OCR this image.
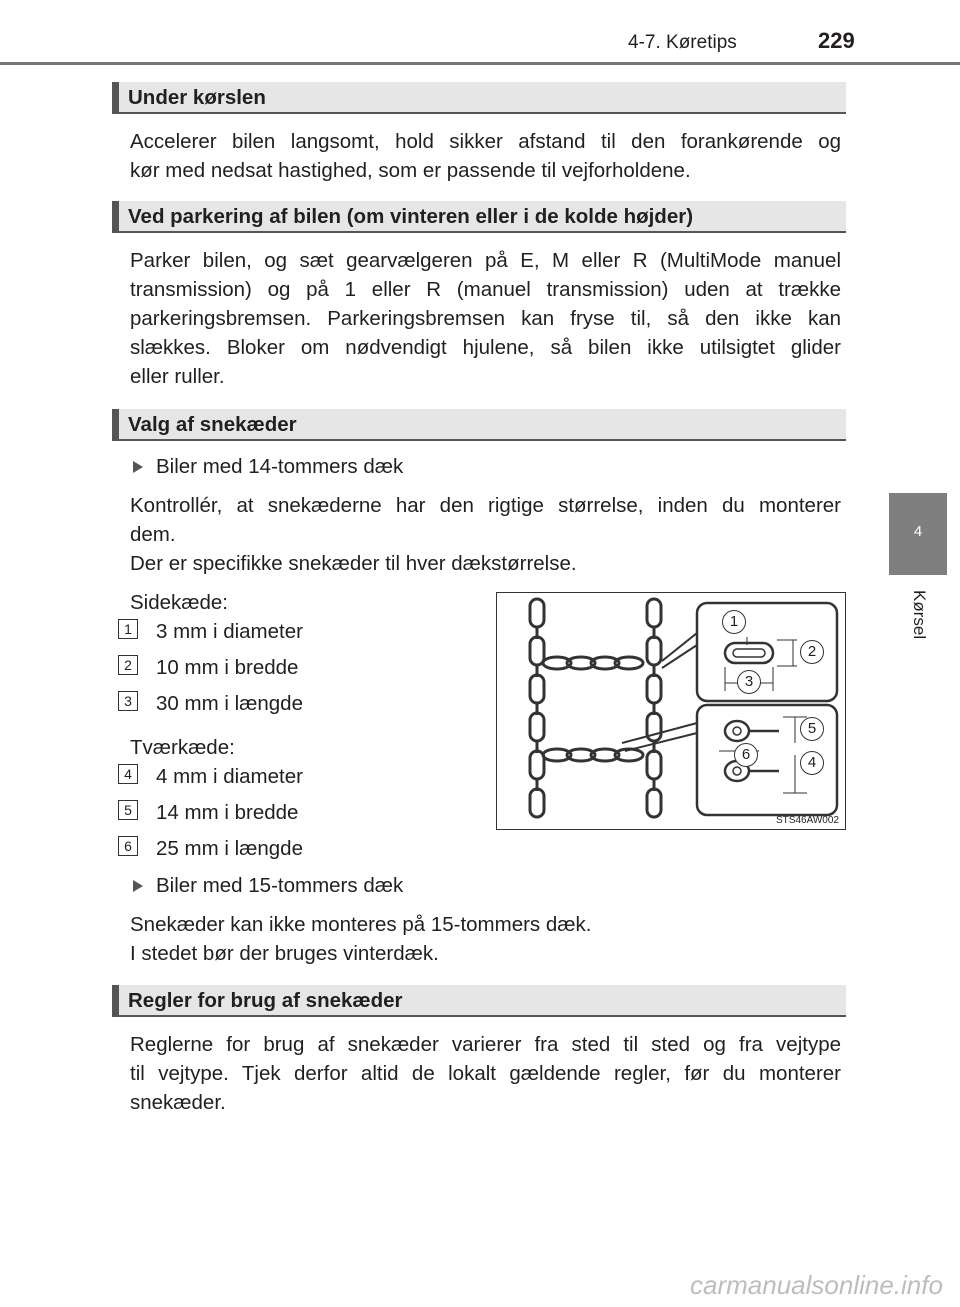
4-7. Køretips	229
4
Kørsel
Under kørslen
Accelerer bilen langsomt, hold sikker afstand til den forankørende og
kør med nedsat hastighed, som er passende til vejforholdene.
Ved parkering af bilen (om vinteren eller i de kolde højder)
Parker bilen, og sæt gearvælgeren på E, M eller R (MultiMode manuel
transmission) og på 1 eller R (manuel transmission) uden at trække
parkeringsbremsen. Parkeringsbremsen kan fryse til, så den ikke kan
slækkes. Bloker om nødvendigt hjulene, så bilen ikke utilsigtet glider
eller ruller.
Valg af snekæder
Biler med 14-tommers dæk
Kontrollér, at snekæderne har den rigtige størrelse, inden du monterer
dem.
Der er specifikke snekæder til hver dækstørrelse.
Sidekæde:
1 3 mm i diameter
2 10 mm i bredde
3 30 mm i længde
Tværkæde:
4 4 mm i diameter
5 14 mm i bredde
6 25 mm i længde
1
2
3
4
5
6
STS46AW002
Biler med 15-tommers dæk
Snekæder kan ikke monteres på 15-tommers dæk.
I stedet bør der bruges vinterdæk.
Regler for brug af snekæder
Reglerne for brug af snekæder varierer fra sted til sted og fra vejtype
til vejtype. Tjek derfor altid de lokalt gældende regler, før du monterer
snekæder.
carmanualsonline.info
